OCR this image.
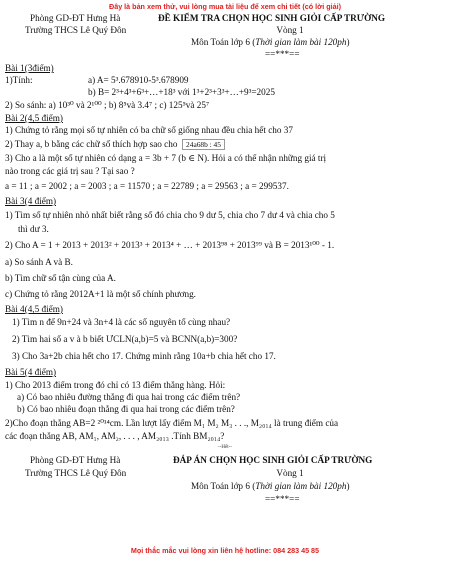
Đây là bản xem thử, vui lòng mua tài liệu để xem chi tiết (có lời giải)
Phòng GD-ĐT Hưng Hà
Trường THCS Lê Quý Đôn
ĐỀ KIỂM TRA CHỌN HỌC SINH GIỎI CẤP TRƯỜNG
Vòng 1
Môn Toán lớp 6 (Thời gian làm bài 120ph)
==***==
Bài 1(3điểm)
1)Tính:	a) A= 5³.678910-5³.678909
b) B= 2³+4³+6³+…+18³ với 1³+2³+3³+…+9³=2025
2) So sánh: a) 10³⁰ và 2¹⁰⁰ ; b) 8⁵và 3.4⁷ ; c) 125⁵và 25⁷
Bài 2(4,5 điểm)
1) Chứng tỏ rằng mọi số tự nhiên có ba chữ số giống nhau đều chia hết cho 37
2) Thay a, b bằng các chữ số thích hợp sao cho 24a68b : 45
3) Cho a là một số tự nhiên có dạng a = 3b + 7 (b ∈ N). Hỏi a có thể nhận những giá trị
nào trong các giá trị sau ? Tại sao ?
a = 11 ; a = 2002 ; a = 2003 ; a = 11570 ; a = 22789 ; a = 29563 ; a = 299537.
Bài 3(4 điểm)
1) Tìm số tự nhiên nhỏ nhất biết rằng số đó chia cho 9 dư 5, chia cho 7 dư 4 và chia cho 5
thì dư 3.
2) Cho A = 1 + 2013 + 2013² + 2013³ + 2013⁴ + … + 2013⁹⁸ + 2013⁹⁹ và B = 2013¹⁰⁰ - 1.
a) So sánh A và B.
b) Tìm chữ số tận cùng của A.
c) Chứng tỏ rằng 2012A+1 là một số chính phương.
Bài 4(4,5 điểm)
1) Tìm n để 9n+24 và 3n+4 là các số nguyên tố cùng nhau?
2) Tìm hai số a v à b biết ƯCLN(a,b)=5 và BCNN(a,b)=300?
3) Cho 3a+2b chia hết cho 17. Chứng minh rằng 10a+b chia hết cho 17.
Bài 5(4 điểm)
1) Cho 2013 điểm trong đó chỉ có 13 điểm thẳng hàng. Hỏi:
a) Có bao nhiêu đường thẳng đi qua hai trong các điểm trên?
b) Có bao nhiêu đoạn thẳng đi qua hai trong các điểm trên?
2)Cho đoạn thẳng AB=2 ²⁰¹⁴cm. Lần lượt lấy điểm M₁ M₂ M₃ . . ., M₂₀₁₄ là trung điểm của
các đoạn thẳng AB, AM₁, AM₂, . . . , AM₂₀₁₃ .Tính BM₂₀₁₄?
--Hết--
Phòng GD-ĐT Hưng Hà
Trường THCS Lê Quý Đôn
ĐÁP ÁN CHỌN HỌC SINH GIỎI CẤP TRƯỜNG
Vòng 1
Môn Toán lớp 6 (Thời gian làm bài 120ph)
==***==
Mọi thắc mắc vui lòng xin liên hệ hotline: 084 283 45 85
